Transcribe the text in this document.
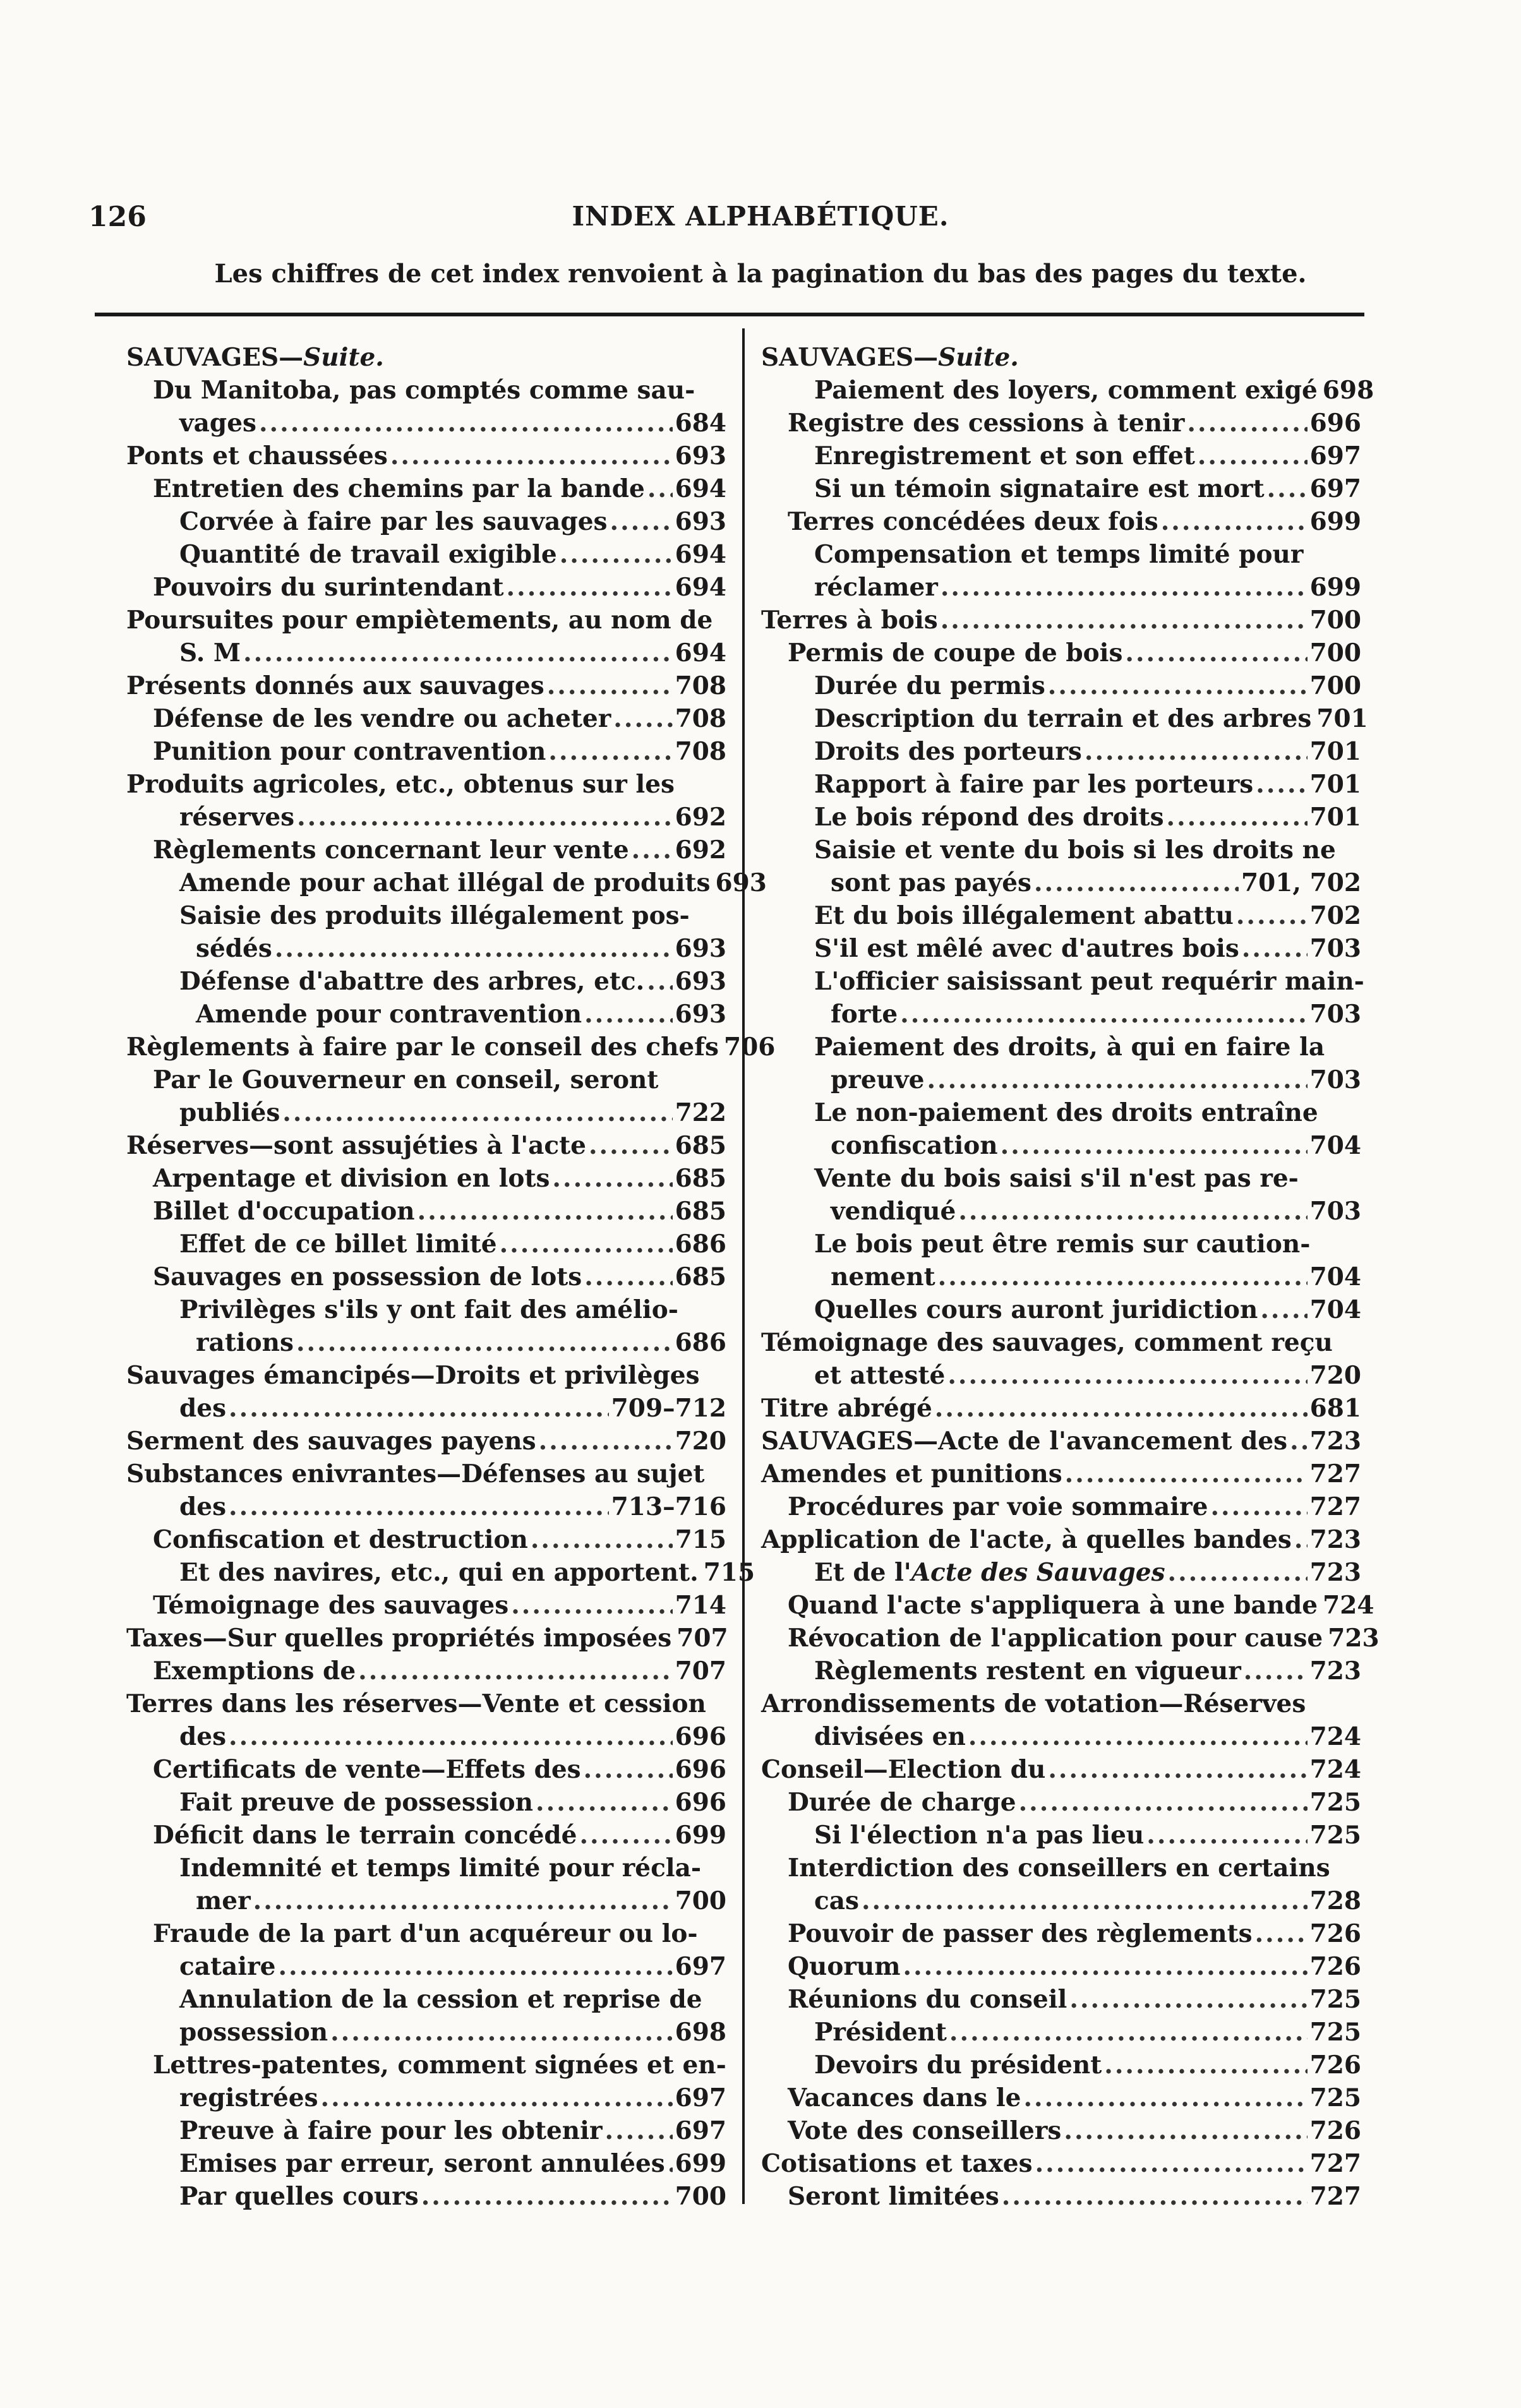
126	INDEX ALPHABÉTIQUE.
Les chiffres de cet index renvoient à la pagination du bas des pages du texte.
SAUVAGES—Suite.
Du Manitoba, pas comptés comme sau-
vages .....	684
Ponts et chaussées .....	693
Entretien des chemins par la bande ..... 694
Corvée à faire par les sauvages .....	693
Quantité de travail exigible .....	694
Pouvoirs du surintendant .....	694
Poursuites pour empiètements, au nom de
S. M .....	694
Présents donnés aux sauvages .....	708
Défense de les vendre ou acheter .....	708
Punition pour contravention .....	708
Produits agricoles, etc., obtenus sur les
réserves .....	692
Règlements concernant leur vente ..... 692
Amende pour achat illégal de produits 693
Saisie des produits illégalement pos-
sédés .....	693
Défense d'abattre des arbres, etc. ..... 693
Amende pour contravention .....	693
Règlements à faire par le conseil des chefs 706
Par le Gouverneur en conseil, seront
publiés .....	722
Réserves—sont assujéties à l'acte .....	685
Arpentage et division en lots .....	685
Billet d'occupation .....	685
Effet de ce billet limité .....	686
Sauvages en possession de lots .....	685
Privilèges s'ils y ont fait des amélio-
rations .....	686
Sauvages émancipés—Droits et privilèges
des .....	709–712
Serment des sauvages payens .....	720
Substances enivrantes—Défenses au sujet
des .....	713–716
Confiscation et destruction .....	715
Et des navires, etc., qui en apportent. 715
Témoignage des sauvages .....	714
Taxes—Sur quelles propriétés imposées 707
Exemptions de .....	707
Terres dans les réserves—Vente et cession
des .....	696
Certificats de vente—Effets des .....	696
Fait preuve de possession .....	696
Déficit dans le terrain concédé .....	699
Indemnité et temps limité pour récla-
mer .....	700
Fraude de la part d'un acquéreur ou lo-
cataire .....	697
Annulation de la cession et reprise de
possession .....	698
Lettres-patentes, comment signées et en-
registrées .....	697
Preuve à faire pour les obtenir .....	697
Emises par erreur, seront annulées ..... 699
Par quelles cours .....	700
SAUVAGES—Suite.
Paiement des loyers, comment exigé 698
Registre des cessions à tenir .....	696
Enregistrement et son effet .....	697
Si un témoin signataire est mort ..... 697
Terres concédées deux fois .....	699
Compensation et temps limité pour
réclamer .....	699
Terres à bois .....	700
Permis de coupe de bois .....	700
Durée du permis .....	700
Description du terrain et des arbres 701
Droits des porteurs .....	701
Rapport à faire par les porteurs ..... 701
Le bois répond des droits .....	701
Saisie et vente du bois si les droits ne
sont pas payés .....	701, 702
Et du bois illégalement abattu .....	702
S'il est mêlé avec d'autres bois .....	703
L'officier saisissant peut requérir main-
forte .....	703
Paiement des droits, à qui en faire la
preuve .....	703
Le non-paiement des droits entraîne
confiscation .....	704
Vente du bois saisi s'il n'est pas re-
vendiqué .....	703
Le bois peut être remis sur caution-
nement .....	704
Quelles cours auront juridiction ..... 704
Témoignage des sauvages, comment reçu
et attesté .....	720
Titre abrégé .....	681
SAUVAGES—Acte de l'avancement des ..... 723
Amendes et punitions .....	727
Procédures par voie sommaire .....	727
Application de l'acte, à quelles bandes ..... 723
Et de l' Acte des Sauvages .....	723
Quand l'acte s'appliquera à une bande 724
Révocation de l'application pour cause 723
Règlements restent en vigueur .....	723
Arrondissements de votation—Réserves
divisées en .....	724
Conseil—Election du .....	724
Durée de charge .....	725
Si l'élection n'a pas lieu .....	725
Interdiction des conseillers en certains
cas .....	728
Pouvoir de passer des règlements ..... 726
Quorum .....	726
Réunions du conseil .....	725
Président .....	725
Devoirs du président .....	726
Vacances dans le .....	725
Vote des conseillers .....	726
Cotisations et taxes .....	727
Seront limitées .....	727
